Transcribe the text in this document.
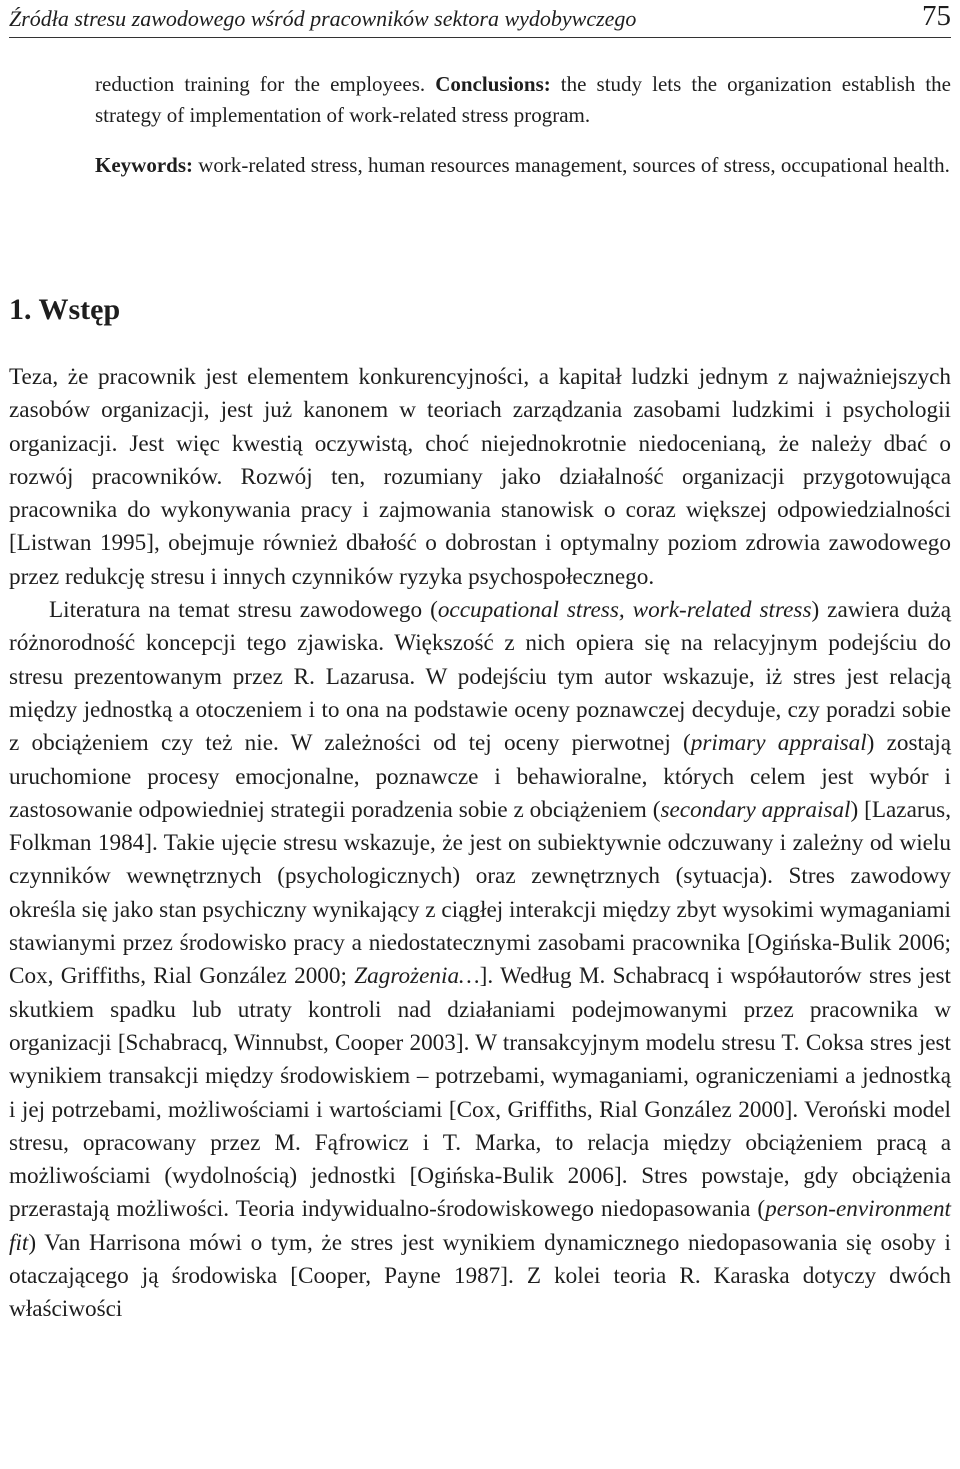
Źródła stresu zawodowego wśród pracowników sektora wydobywczego	75

reduction training for the employees. Conclusions: the study lets the organization establish the strategy of implementation of work-related stress program.

Keywords: work-related stress, human resources management, sources of stress, occupational health.

1. Wstęp

Teza, że pracownik jest elementem konkurencyjności, a kapitał ludzki jednym z najważniejszych zasobów organizacji, jest już kanonem w teoriach zarządzania zasobami ludzkimi i psychologii organizacji. Jest więc kwestią oczywistą, choć niejednokrotnie niedocenianą, że należy dbać o rozwój pracowników. Rozwój ten, rozumiany jako działalność organizacji przygotowująca pracownika do wykonywania pracy i zajmowania stanowisk o coraz większej odpowiedzialności [Listwan 1995], obejmuje również dbałość o dobrostan i optymalny poziom zdrowia zawodowego przez redukcję stresu i innych czynników ryzyka psychospołecznego.

Literatura na temat stresu zawodowego (occupational stress, work-related stress) zawiera dużą różnorodność koncepcji tego zjawiska. Większość z nich opiera się na relacyjnym podejściu do stresu prezentowanym przez R. Lazarusa. W podejściu tym autor wskazuje, iż stres jest relacją między jednostką a otoczeniem i to ona na podstawie oceny poznawczej decyduje, czy poradzi sobie z obciążeniem czy też nie. W zależności od tej oceny pierwotnej (primary appraisal) zostają uruchomione procesy emocjonalne, poznawcze i behawioralne, których celem jest wybór i zastosowanie odpowiedniej strategii poradzenia sobie z obciążeniem (secondary appraisal) [Lazarus, Folkman 1984]. Takie ujęcie stresu wskazuje, że jest on subiektywnie odczuwany i zależny od wielu czynników wewnętrznych (psychologicznych) oraz zewnętrznych (sytuacja). Stres zawodowy określa się jako stan psychiczny wynikający z ciągłej interakcji między zbyt wysokimi wymaganiami stawianymi przez środowisko pracy a niedostatecznymi zasobami pracownika [Ogińska-Bulik 2006; Cox, Griffiths, Rial González 2000; Zagrożenia…]. Według M. Schabracq i współautorów stres jest skutkiem spadku lub utraty kontroli nad działaniami podejmowanymi przez pracownika w organizacji [Schabracq, Winnubst, Cooper 2003]. W transakcyjnym modelu stresu T. Coksa stres jest wynikiem transakcji między środowiskiem – potrzebami, wymaganiami, ograniczeniami a jednostką i jej potrzebami, możliwościami i wartościami [Cox, Griffiths, Rial González 2000]. Veroński model stresu, opracowany przez M. Fąfrowicz i T. Marka, to relacja między obciążeniem pracą a możliwościami (wydolnością) jednostki [Ogińska-Bulik 2006]. Stres powstaje, gdy obciążenia przerastają możliwości. Teoria indywidualno-środowiskowego niedopasowania (person-environment fit) Van Harrisona mówi o tym, że stres jest wynikiem dynamicznego niedopasowania się osoby i otaczającego ją środowiska [Cooper, Payne 1987]. Z kolei teoria R. Karaska dotyczy dwóch właściwości
